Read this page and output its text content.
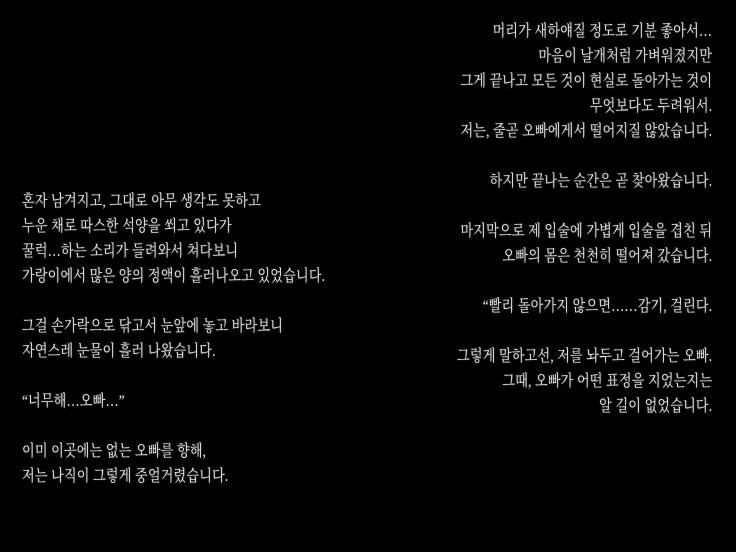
혼자 남겨지고, 그대로 아무 생각도 못하고
누운 채로 따스한 석양을 쐬고 있다가
꿀럭…하는 소리가 들려와서 쳐다보니
가랑이에서 많은 양의 정액이 흘러나오고 있었습니다.
그걸 손가락으로 닦고서 눈앞에 놓고 바라보니
자연스레 눈물이 흘러 나왔습니다.
“너무해…오빠…”
이미 이곳에는 없는 오빠를 향해,
저는 나직이 그렇게 중얼거렸습니다.
머리가 새하얘질 정도로 기분 좋아서…
마음이 날개처럼 가벼워졌지만
그게 끝나고 모든 것이 현실로 돌아가는 것이
무엇보다도 두려워서.
저는, 줄곧 오빠에게서 떨어지질 않았습니다.
하지만 끝나는 순간은 곧 찾아왔습니다.
마지막으로 제 입술에 가볍게 입술을 겹친 뒤
오빠의 몸은 천천히 떨어져 갔습니다.
“빨리 돌아가지 않으면……감기, 걸린다.
그렇게 말하고선, 저를 놔두고 걸어가는 오빠.
그때, 오빠가 어떤 표정을 지었는지는
알 길이 없었습니다.
